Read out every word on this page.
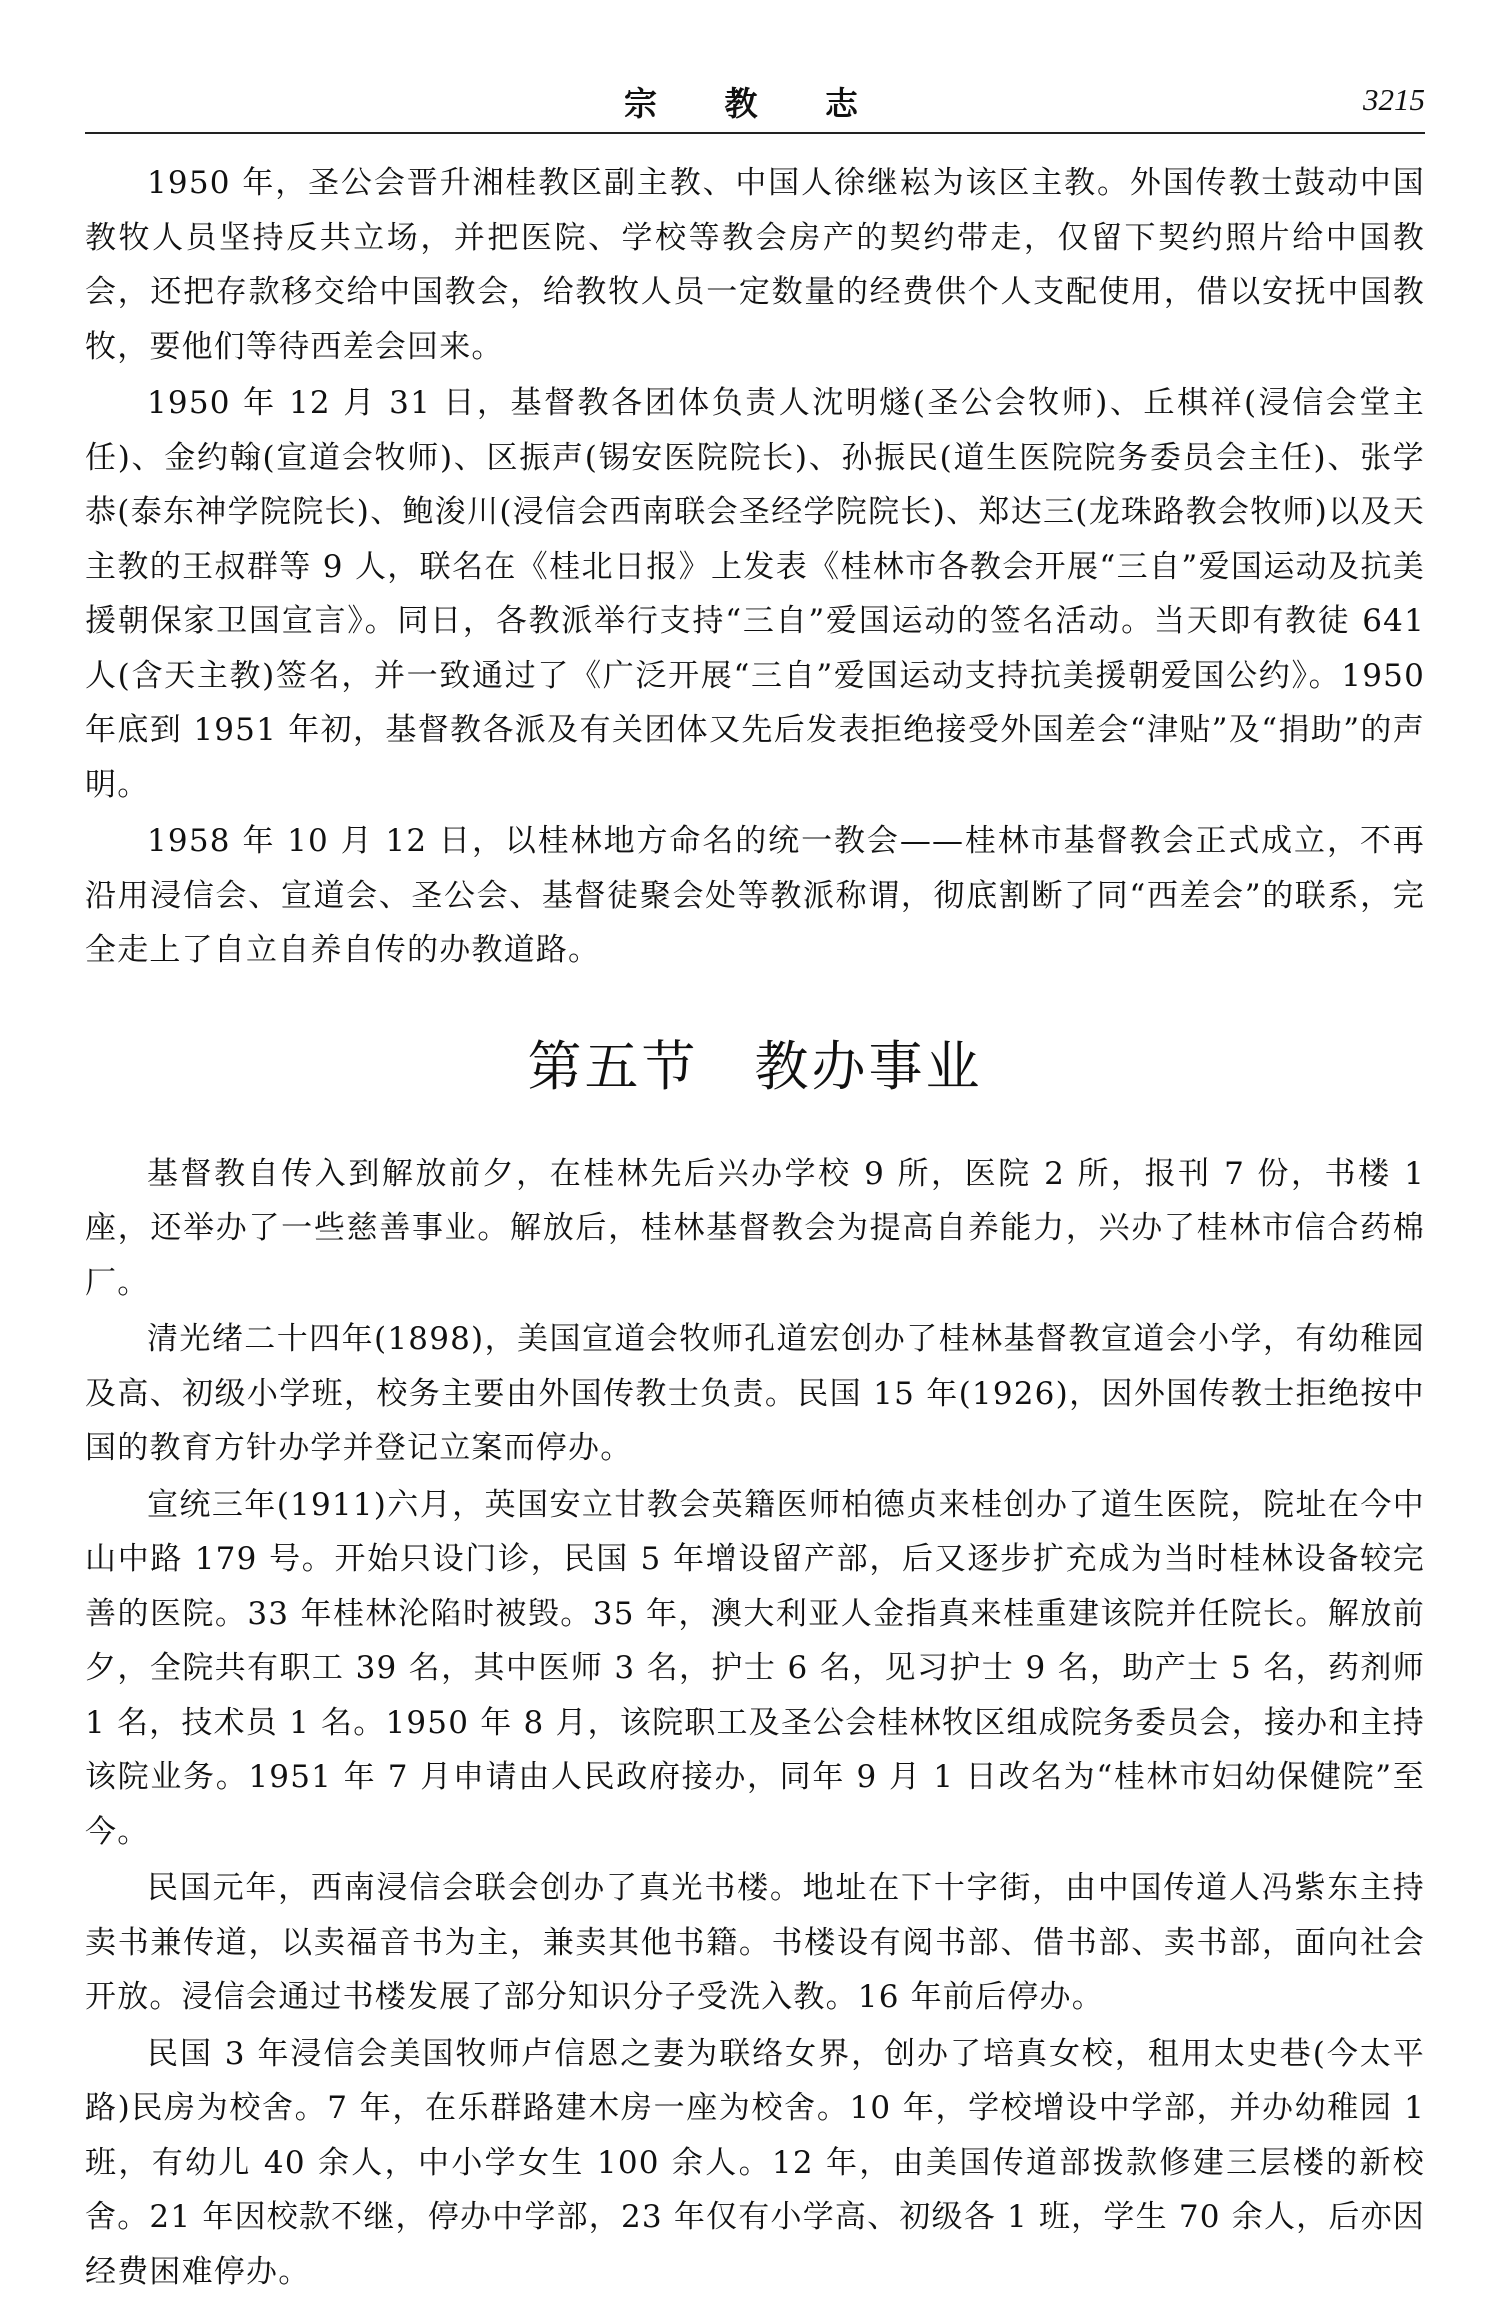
宗 教 志	3215

1950 年，圣公会晋升湘桂教区副主教、中国人徐继崧为该区主教。外国传教士鼓动中国教牧人员坚持反共立场，并把医院、学校等教会房产的契约带走，仅留下契约照片给中国教会，还把存款移交给中国教会，给教牧人员一定数量的经费供个人支配使用，借以安抚中国教牧，要他们等待西差会回来。

1950 年 12 月 31 日，基督教各团体负责人沈明燧(圣公会牧师)、丘棋祥(浸信会堂主任)、金约翰(宣道会牧师)、区振声(锡安医院院长)、孙振民(道生医院院务委员会主任)、张学恭(泰东神学院院长)、鲍浚川(浸信会西南联会圣经学院院长)、郑达三(龙珠路教会牧师)以及天主教的王叔群等 9 人，联名在《桂北日报》上发表《桂林市各教会开展“三自”爱国运动及抗美援朝保家卫国宣言》。同日，各教派举行支持“三自”爱国运动的签名活动。当天即有教徒 641 人(含天主教)签名，并一致通过了《广泛开展“三自”爱国运动支持抗美援朝爱国公约》。1950 年底到 1951 年初，基督教各派及有关团体又先后发表拒绝接受外国差会“津贴”及“捐助”的声明。

1958 年 10 月 12 日，以桂林地方命名的统一教会——桂林市基督教会正式成立，不再沿用浸信会、宣道会、圣公会、基督徒聚会处等教派称谓，彻底割断了同“西差会”的联系，完全走上了自立自养自传的办教道路。

第五节 教办事业

基督教自传入到解放前夕，在桂林先后兴办学校 9 所，医院 2 所，报刊 7 份，书楼 1 座，还举办了一些慈善事业。解放后，桂林基督教会为提高自养能力，兴办了桂林市信合药棉厂。

清光绪二十四年(1898)，美国宣道会牧师孔道宏创办了桂林基督教宣道会小学，有幼稚园及高、初级小学班，校务主要由外国传教士负责。民国 15 年(1926)，因外国传教士拒绝按中国的教育方针办学并登记立案而停办。

宣统三年(1911)六月，英国安立甘教会英籍医师柏德贞来桂创办了道生医院，院址在今中山中路 179 号。开始只设门诊，民国 5 年增设留产部，后又逐步扩充成为当时桂林设备较完善的医院。33 年桂林沦陷时被毁。35 年，澳大利亚人金指真来桂重建该院并任院长。解放前夕，全院共有职工 39 名，其中医师 3 名，护士 6 名，见习护士 9 名，助产士 5 名，药剂师 1 名，技术员 1 名。1950 年 8 月，该院职工及圣公会桂林牧区组成院务委员会，接办和主持该院业务。1951 年 7 月申请由人民政府接办，同年 9 月 1 日改名为“桂林市妇幼保健院”至今。

民国元年，西南浸信会联会创办了真光书楼。地址在下十字街，由中国传道人冯紫东主持卖书兼传道，以卖福音书为主，兼卖其他书籍。书楼设有阅书部、借书部、卖书部，面向社会开放。浸信会通过书楼发展了部分知识分子受洗入教。16 年前后停办。

民国 3 年浸信会美国牧师卢信恩之妻为联络女界，创办了培真女校，租用太史巷(今太平路)民房为校舍。7 年，在乐群路建木房一座为校舍。10 年，学校增设中学部，并办幼稚园 1 班，有幼儿 40 余人，中小学女生 100 余人。12 年，由美国传道部拨款修建三层楼的新校舍。21 年因校款不继，停办中学部，23 年仅有小学高、初级各 1 班，学生 70 余人，后亦因经费困难停办。
